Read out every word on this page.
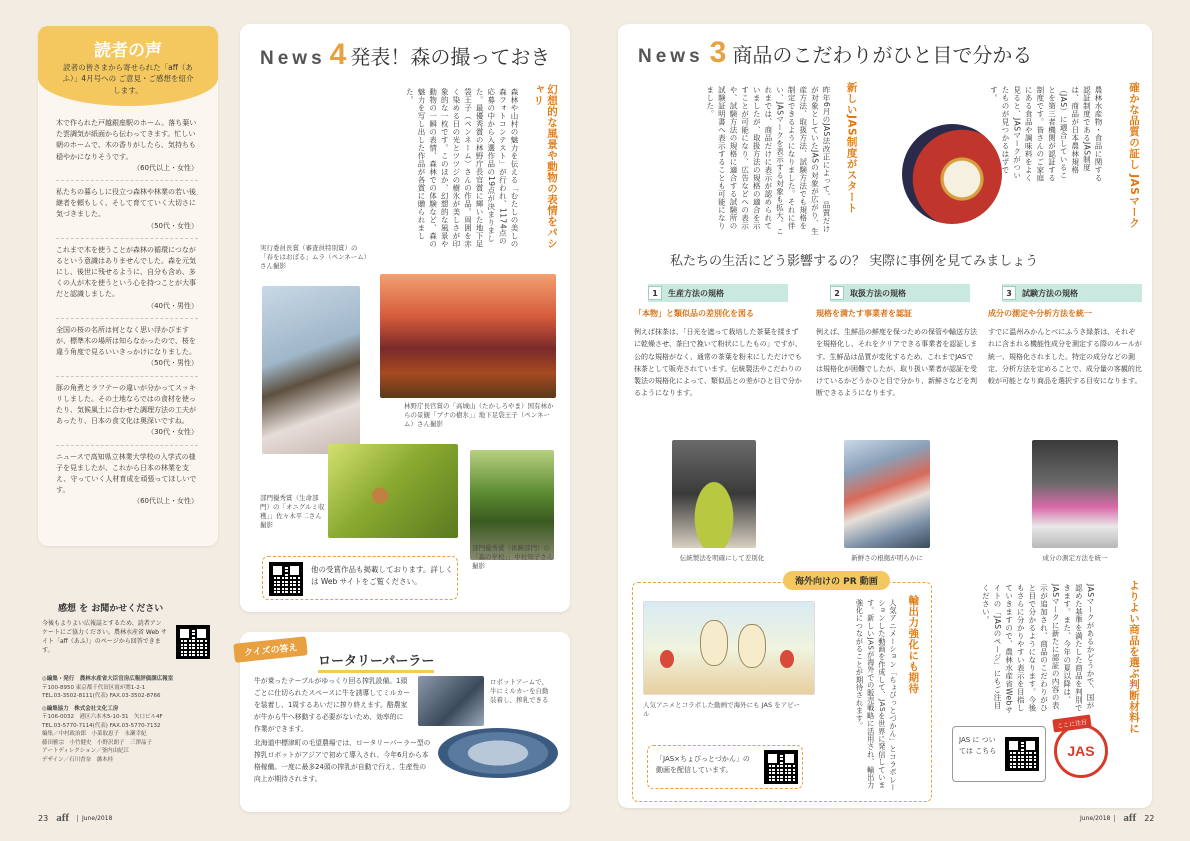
読者の声
読者の皆さまから寄せられた「aff（あふ）」4月号への ご意見・ご感想を紹介します。
木で作られた戸越銀座駅のホーム。落ち葉いた雲調気が紙面から伝わってきます。忙しい朝のホームで、木の香りがしたら、気持ちも穏やかになりそうです。
（60代以上・女性）
私たちの暮らしに役立つ森林や林業の若い後継者を頼もしく、そして育てていく大切さに気づきました。
（50代・女性）
これまで木を使うことが森林の循環につながるという意識はありませんでした。森を元気にし、後世に残せるように、自分も含め、多くの人が木を使うという心を持つことが大事だと認識しました。
（40代・男性）
全国の桜の名所は何となく思い浮かびますが、標準木の場所は知らなかったので、桜を違う角度で見るいいきっかけになりました。
（50代・男性）
豚の角煮とラフテーの違いが分かってスッキリしました。その土地ならではの食材を使ったり、気候風土に合わせた調理方法の工夫があったり、日本の食文化は奥深いですね。
（30代・女性）
ニュースで高知県立林業大学校の入学式の様子を見ましたが、これから日本の林業を支え、守っていく人材育成を頑張ってほしいです。
（60代以上・女性）
感想 を お聞かせください
今後もよりよい広報誌とするため、読者アンケートにご協力ください。農林水産省 Web サイト「aff（あふ）」のページから回答できます。
◎編集・発行　農林水産省大臣官房広報評価課広報室
〒100-8950 東京都千代田区霞が関1-2-1
TEL.03-3502-8111(代表) FAX.03-3502-8766
◎編集協力　株式会社文化工房
〒106-0032　港区六本木5-10-31　矢口ビル4F
TEL.03-5770-7114(代表) FAX.03-5770-7132
編集／中村政治郎　小菜取恵子　永瀬幸紀
藤田雅宗　小竹健史　小野沢朗子　三澤晶子
アートディレクション／釜内由紀江
デザイン／石川香奈　藩木桂
News 4 発表！森の撮っておき
幻想的な風景や動物の表情をパシャリ
森林や山村の魅力を伝える「むたしの美しの森フォトコンテスト」が行われ、1174点の応募の中から入選作品の19点が決まりました。最優秀賞の林野庁長官賞に輝いた地下足袋王子（ペンネーム）さんの作品。周囲を赤く染める日の光とツツジの樹氷が美しさが印象的な一枚です。このほか、幻想的な風景や動物の一瞬の表情、森林での体験など、森の魅力を写し出した作品が各賞に贈られました。
実行委員長賞（審査員特別賞）の「春をはおばる」ムラ（ペンネーム）さん撮影
林野庁長官賞の「高城山（たかしろやま）国有林からの景観「ブナの樹氷」」地下足袋王子（ペンネーム）さん撮影
部門優秀賞（生命部門）の「オニグルミ収穫」」佐々木平二さん撮影
部門優秀賞（体験部門）の「森の学校」」中村知子さん撮影
他の受賞作品も掲載しております。詳しくは Web サイトをご覧ください。
クイズの答え
ロータリーパーラー
牛が乗ったテーブルがゆっくり回る搾乳設備。1頭ごとに仕切られたスペースに牛を誘導してミルカーを装着し、1周するあいだに搾り終えます。酪農家が牛から牛へ移動する必要がないため、効率的に作業ができます。
ロボットアームで、牛にミルカーを自動装着し、搾乳できる
北海道中標津町の毛望農場では、ロータリーパーラー型の搾乳ロボットがアジアで初めて導入され、今年6月から本格稼働。一度に最多24頭の搾乳が自動で行え、生産性の向上が期待されます。
23 aff	June/2018
News 3 商品のこだわりがひと目で分かる
確かな品質の証し JASマーク
農林水産物・食品に関する認証制度であるJAS制度は、商品が日本農林規格（JAS）に適合していることを第三者機関が認証する制度です。皆さんのご家庭にある食品や調味料をよく見ると、JASマークがついたものが見つかるはずです。
新しいJAS制度がスタート
昨年6月のJAS法改正によって、品質だけが対象としていたJASの対象が広がり、生産方法、取扱方法、試験方法でも規格を制定できるようになりました。それに伴い、JASマークを表示する対象も拡大。これまでは、商品だけに表示が認められていましたが、取扱方法の規格の適合を示すことが可能になり、広告などへの表示や、試験方法の規格に適合する試験所の試験証明書へ表示することも可能になりました。
私たちの生活にどう影響するの？ 実際に事例を見てみましょう
1	生産方法の規格	2	取扱方法の規格	3	試験方法の規格
「本物」と類似品の差別化を図る	規格を満たす事業者を認証	成分の測定や分析方法を統一
例えば抹茶は、「日光を遮って栽培した茶葉を揉まずに乾燥させ、茶臼で挽いて粉状にしたもの」ですが、公的な規格がなく、通常の茶葉を粉末にしただけでも抹茶として販売されています。伝統製法やこだわりの製法の規格化によって、類似品との差がひと目で分かるようになります。
例えば、生鮮品の鮮度を保つための保管や輸送方法を規格化し、それをクリアできる事業者を認証します。生鮮品は品質が変化するため、これまでJASでは規格化が困難でしたが、取り扱い業者が認証を受けているかどうかひと目で分かり、新鮮さなどを判断できるようになります。
すでに温州みかんとベにふうき緑茶は、それぞれに含まれる機能性成分を測定する際のルールが統一、規格化されました。特定の成分などの測定、分析方法を定めることで、成分量の客観的比較が可能となり商品を選択する目安になります。
伝統製法を明確にして差別化	新鮮さの根拠が明らかに	成分の測定方法を統一
海外向けの PR 動画
人気アニメとコラボした動画で海外にも JAS をアピール
輸出力強化にも期待
人気アニメーション「ちょびっとづかん」とコラボレーションした動画を作成して、JASを世界に発信しています。新しいJASが海外での販売戦略に活用され、輸出力強化につながることが期待されます。
「JAS×ちょびっとづかん」の動画を配信しています。
よりよい商品を選ぶ判断材料に
JASマークがあるかどうかで、国が認めた基準を満たした商品を判別できます。また、今年の夏以降は、JASマークに新たに認証の内容の表示が追加され、商品のこだわりがひと目で分かるようになります。今後もさらに分かりやすい表示を目指していきますので、農林水産省Webサイトの「JASのページ」にもご注目ください。
JAS に ついては こちら
ここに注目
JAS
June/2018	aff 22
